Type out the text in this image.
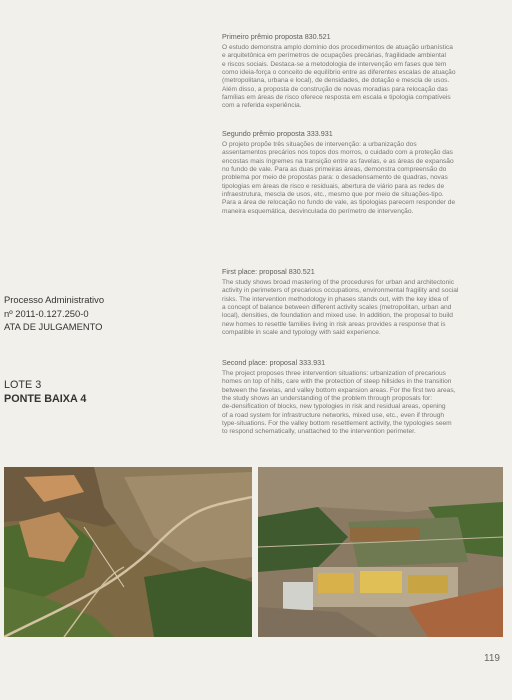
Primeiro prêmio proposta 830.521

O estudo demonstra amplo domínio dos procedimentos de atuação urbanística
e arquitetônica em perímetros de ocupações precárias, fragilidade ambiental
e riscos sociais. Destaca-se a metodologia de intervenção em fases que tem
como ideia-força o conceito de equilíbrio entre as diferentes escalas de atuação
(metropolitana, urbana e local), de densidades, de dotação e mescla de usos.
Além disso, a proposta de construção de novas moradias para relocação das
famílias em áreas de risco oferece resposta em escala e tipologia compatíveis
com a referida experiência.

Segundo prêmio proposta 333.931

O projeto propõe três situações de intervenção: a urbanização dos
assentamentos precários nos topos dos morros, o cuidado com a proteção das
encostas mais íngremes na transição entre as favelas, e as áreas de expansão
no fundo de vale. Para as duas primeiras áreas, demonstra compreensão do
problema por meio de propostas para: o desadensamento de quadras, novas
tipologias em áreas de risco e residuais, abertura de viário para as redes de
infraestrutura, mescla de usos, etc., mesmo que por meio de situações-tipo.
Para a área de relocação no fundo de vale, as tipologias parecem responder de
maneira esquemática, desvinculada do perímetro de intervenção.

First place: proposal 830.521

The study shows broad mastering of the procedures for urban and architectonic
activity in perimeters of precarious occupations, environmental fragility and social
risks. The intervention methodology in phases stands out, with the key idea of
a concept of balance between different activity scales (metropolitan, urban and
local), densities, de foundation and mixed use. In addition, the proposal to build
new homes to resettle families living in risk areas provides a response that is
compatible in scale and typology with said experience.

Second place: proposal 333.931

The project proposes three intervention situations: urbanization of precarious
homes on top of hills, care with the protection of steep hillsides in the transition
between the favelas, and valley bottom expansion areas. For the first two areas,
the study shows an understanding of the problem through proposals for:
de-densification of blocks, new typologies in risk and residual areas, opening
of a road system for infrastructure networks, mixed use, etc., even if through
type-situations. For the valley bottom resettlement activity, the typologies seem
to respond schematically, unattached to the intervention perimeter.

Processo Administrativo
nº 2011-0.127.250-0
ATA DE JULGAMENTO
LOTE 3
PONTE BAIXA 4
119
